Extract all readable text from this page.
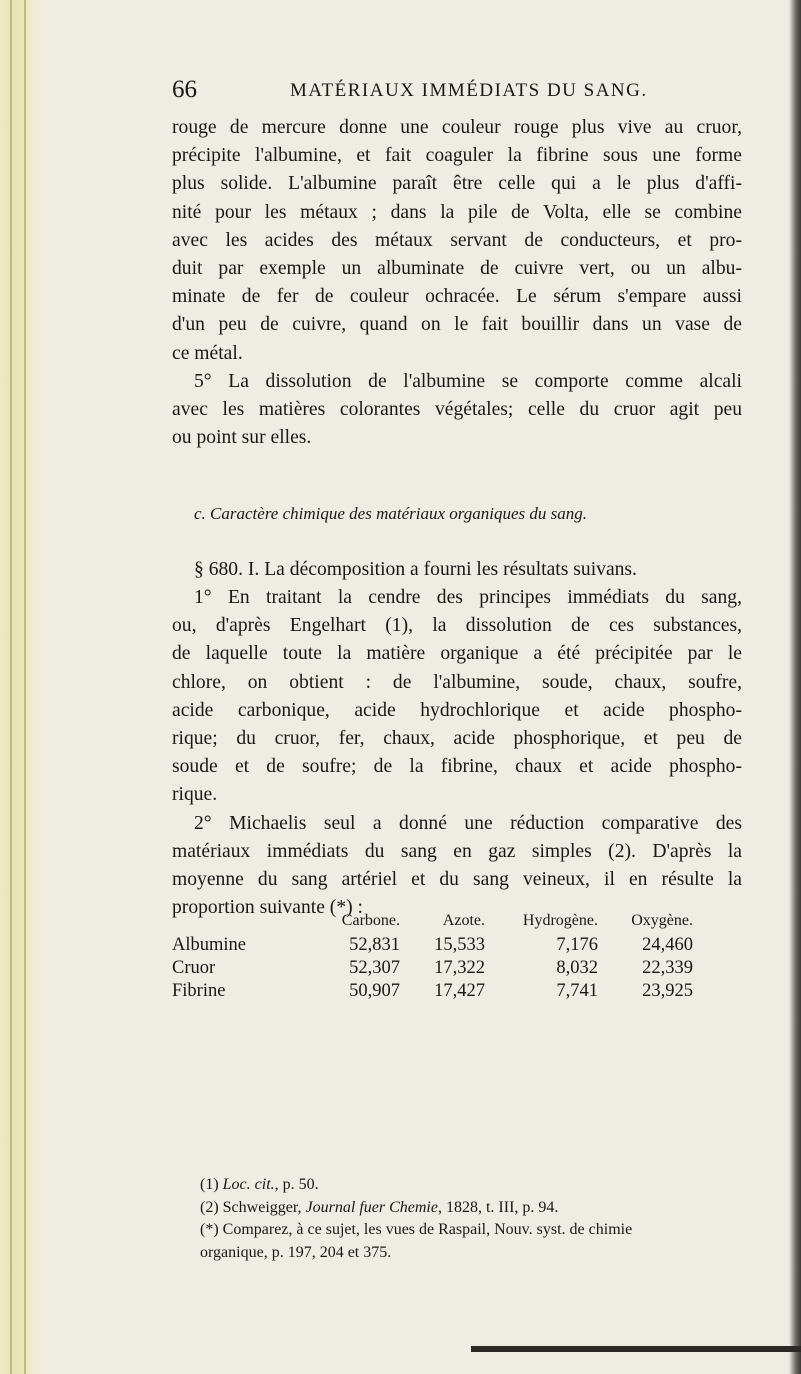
66	MATÉRIAUX IMMÉDIATS DU SANG.
rouge de mercure donne une couleur rouge plus vive au cruor,
précipite l'albumine, et fait coaguler la fibrine sous une forme
plus solide. L'albumine paraît être celle qui a le plus d'affi-
nité pour les métaux ; dans la pile de Volta, elle se combine
avec les acides des métaux servant de conducteurs, et pro-
duit par exemple un albuminate de cuivre vert, ou un albu-
minate de fer de couleur ochracée. Le sérum s'empare aussi
d'un peu de cuivre, quand on le fait bouillir dans un vase de
ce métal.
5° La dissolution de l'albumine se comporte comme alcali
avec les matières colorantes végétales; celle du cruor agit peu
ou point sur elles.
c. Caractère chimique des matériaux organiques du sang.
§ 680. I. La décomposition a fourni les résultats suivans.
1° En traitant la cendre des principes immédiats du sang,
ou, d'après Engelhart (1), la dissolution de ces substances,
de laquelle toute la matière organique a été précipitée par le
chlore, on obtient : de l'albumine, soude, chaux, soufre,
acide carbonique, acide hydrochlorique et acide phospho-
rique; du cruor, fer, chaux, acide phosphorique, et peu de
soude et de soufre; de la fibrine, chaux et acide phospho-
rique.
2° Michaelis seul a donné une réduction comparative des
matériaux immédiats du sang en gaz simples (2). D'après la
moyenne du sang artériel et du sang veineux, il en résulte la
proportion suivante (*) :
	Carbone.	Azote.	Hydrogène.	Oxygène.
Albumine	52,831	15,533	7,176	24,460
Cruor	52,307	17,322	8,032	22,339
Fibrine	50,907	17,427	7,741	23,925

(1) Loc. cit., p. 50.

(2) Schweigger, Journal fuer Chemie, 1828, t. III, p. 94.

(*) Comparez, à ce sujet, les vues de Raspail, Nouv. syst. de chimie

organique, p. 197, 204 et 375.
